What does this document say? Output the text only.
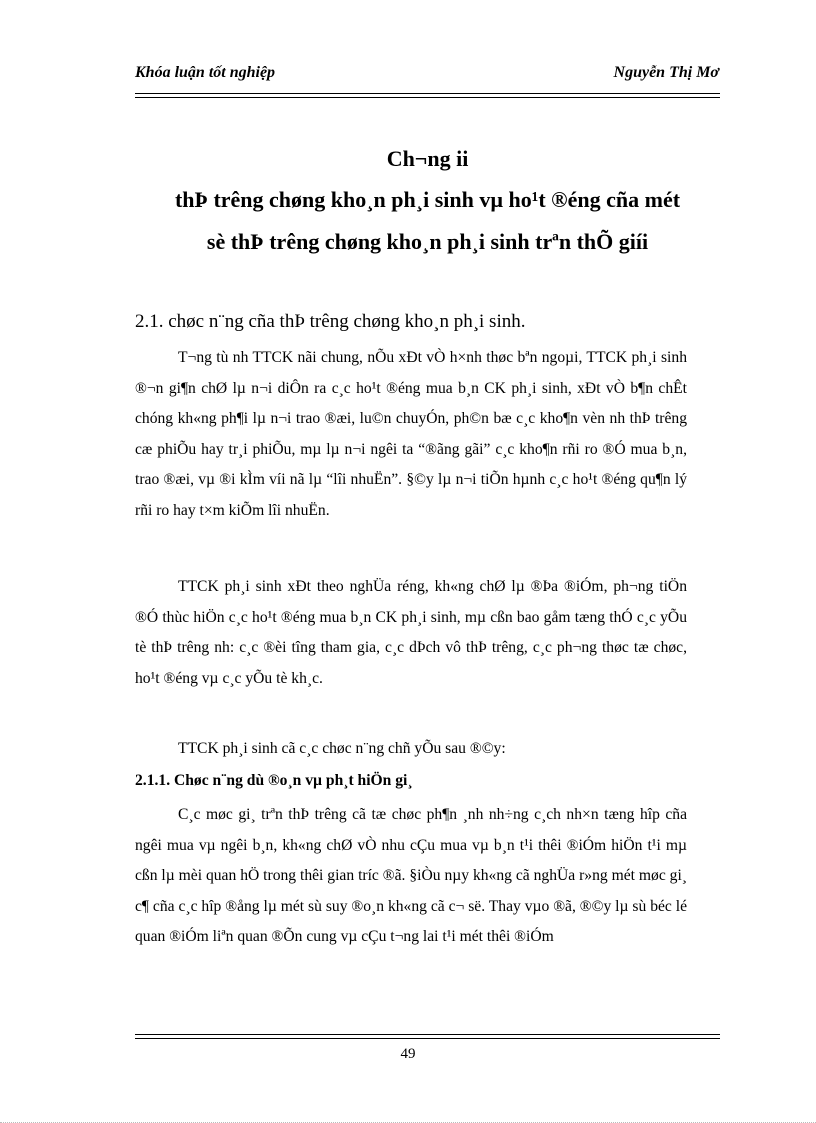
Khóa luận tốt nghiệp	Nguyễn Thị Mơ
Ch¬ng ii
thÞ trêng chøng kho¸n ph¸i sinh vµ ho¹t ®éng cña mét
sè thÞ trêng chøng kho¸n ph¸i sinh trªn thÕ giíi
2.1. chøc n¨ng cña thÞ trêng chøng kho¸n ph¸i sinh.

T¬ng tù nh TTCK nãi chung, nÕu xÐt vÒ h×nh thøc bªn ngoµi, TTCK ph¸i sinh ®¬n gi¶n chØ lµ n¬i diÔn ra c¸c ho¹t ®éng mua b¸n CK ph¸i sinh, xÐt vÒ b¶n chÊt chóng kh«ng ph¶i lµ n¬i trao ®æi, lu©n chuyÓn, ph©n bæ c¸c kho¶n vèn nh thÞ trêng cæ phiÕu hay tr¸i phiÕu, mµ lµ n¬i ngêi ta “®ãng gãi” c¸c kho¶n rñi ro ®Ó mua b¸n, trao ®æi, vµ ®i kÌm víi nã lµ “lîi nhuËn”. §©y lµ n¬i tiÕn hµnh c¸c ho¹t ®éng qu¶n lý rñi ro hay t×m kiÕm lîi nhuËn.

TTCK ph¸i sinh xÐt theo nghÜa réng, kh«ng chØ lµ ®Þa ®iÓm, ph¬ng tiÖn ®Ó thùc hiÖn c¸c ho¹t ®éng mua b¸n CK ph¸i sinh, mµ cßn bao gåm tæng thÓ c¸c yÕu tè thÞ trêng nh: c¸c ®èi tîng tham gia, c¸c dÞch vô thÞ trêng, c¸c ph¬ng thøc tæ chøc, ho¹t ®éng vµ c¸c yÕu tè kh¸c.

TTCK ph¸i sinh cã c¸c chøc n¨ng chñ yÕu sau ®©y:

2.1.1. Chøc n¨ng dù ®o¸n vµ ph¸t hiÖn gi¸

C¸c møc gi¸ trªn thÞ trêng cã tæ chøc ph¶n ¸nh nh÷ng c¸ch nh×n tæng hîp cña ngêi mua vµ ngêi b¸n, kh«ng chØ vÒ nhu cÇu mua vµ b¸n t¹i thêi ®iÓm hiÖn t¹i mµ cßn lµ mèi quan hÖ trong thêi gian tríc ®ã. §iÒu nµy kh«ng cã nghÜa r»ng mét møc gi¸ c¶ cña c¸c hîp ®ång lµ mét sù suy ®o¸n kh«ng cã c¬ së. Thay vµo ®ã, ®©y lµ sù béc lé quan ®iÓm liªn quan ®Õn cung vµ cÇu t¬ng lai t¹i mét thêi ®iÓm

49
